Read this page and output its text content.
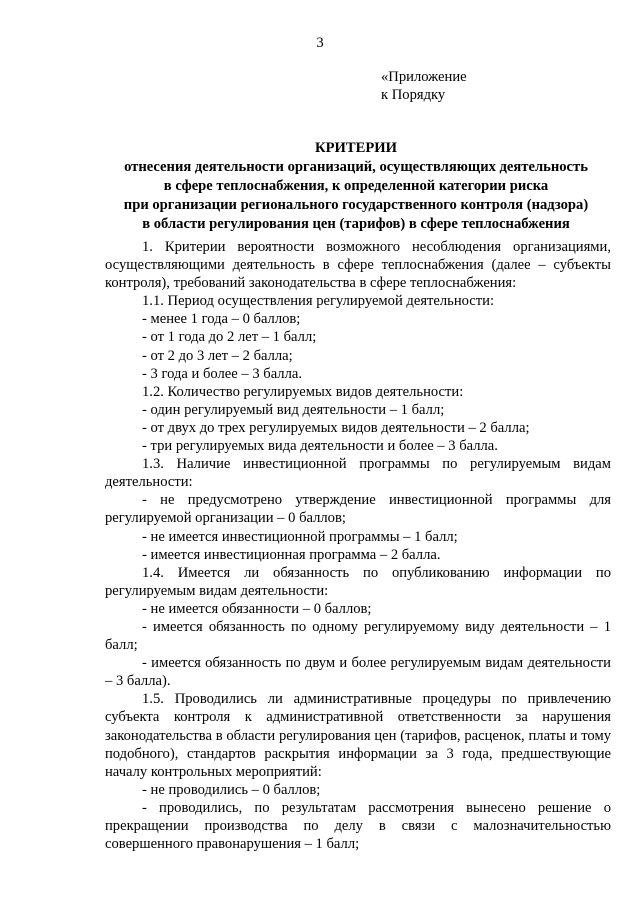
3
«Приложение
к Порядку
КРИТЕРИИ
отнесения деятельности организаций, осуществляющих деятельность
в сфере теплоснабжения, к определенной категории риска
при организации регионального государственного контроля (надзора)
в области регулирования цен (тарифов) в сфере теплоснабжения

1. Критерии вероятности возможного несоблюдения организациями, осуществляющими деятельность в сфере теплоснабжения (далее – субъекты контроля), требований законодательства в сфере теплоснабжения:

1.1. Период осуществления регулируемой деятельности:

- менее 1 года – 0 баллов;

- от 1 года до 2 лет – 1 балл;

- от 2 до 3 лет – 2 балла;

- 3 года и более – 3 балла.

1.2. Количество регулируемых видов деятельности:

- один регулируемый вид деятельности – 1 балл;

- от двух до трех регулируемых видов деятельности – 2 балла;

- три регулируемых вида деятельности и более – 3 балла.

1.3. Наличие инвестиционной программы по регулируемым видам деятельности:

- не предусмотрено утверждение инвестиционной программы для регулируемой организации – 0 баллов;

- не имеется инвестиционной программы – 1 балл;

- имеется инвестиционная программа – 2 балла.

1.4. Имеется ли обязанность по опубликованию информации по регулируемым видам деятельности:

- не имеется обязанности – 0 баллов;

- имеется обязанность по одному регулируемому виду деятельности – 1 балл;

- имеется обязанность по двум и более регулируемым видам деятельности – 3 балла).

1.5. Проводились ли административные процедуры по привлечению субъекта контроля к административной ответственности за нарушения законодательства в области регулирования цен (тарифов, расценок, платы и тому подобного), стандартов раскрытия информации за 3 года, предшествующие началу контрольных мероприятий:

- не проводились – 0 баллов;

- проводились, по результатам рассмотрения вынесено решение о прекращении производства по делу в связи с малозначительностью совершенного правонарушения – 1 балл;
